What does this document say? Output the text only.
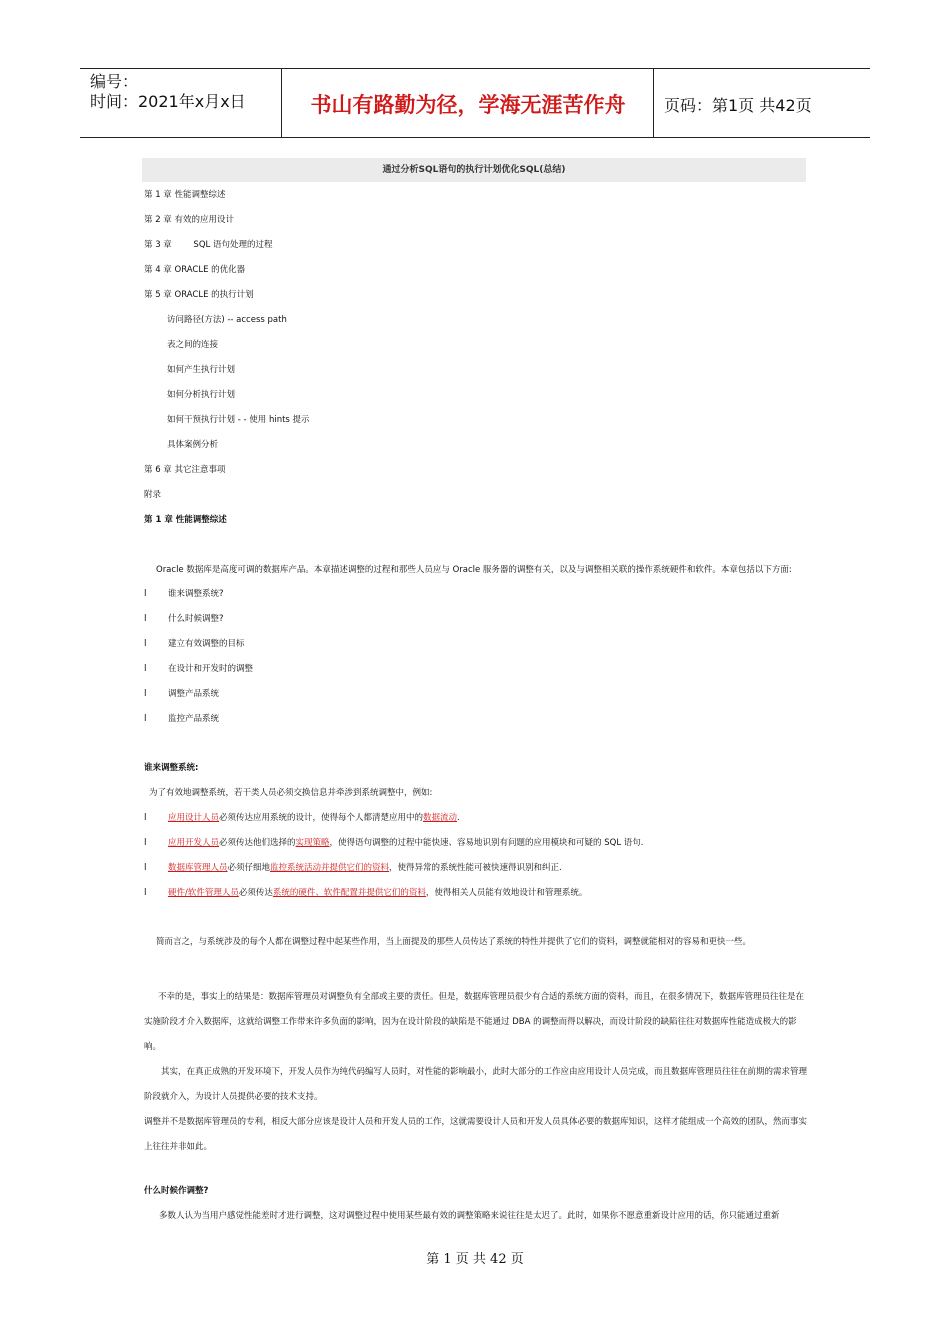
编号：
时间：2021年x月x日	书山有路勤为径，学海无涯苦作舟	页码：第1页 共42页
通过分析SQL语句的执行计划优化SQL(总结)
第 1 章 性能调整综述
第 2 章 有效的应用设计
第 3 章        SQL 语句处理的过程
第 4 章 ORACLE 的优化器
第 5 章 ORACLE 的执行计划
访问路径(方法) -- access path
表之间的连接
如何产生执行计划
如何分析执行计划
如何干预执行计划 - - 使用 hints 提示
具体案例分析
第 6 章 其它注意事项
附录
第 1 章 性能调整综述
Oracle 数据库是高度可调的数据库产品。本章描述调整的过程和那些人员应与 Oracle 服务器的调整有关，以及与调整相关联的操作系统硬件和软件。本章包括以下方面:
l	谁来调整系统?
l	什么时候调整?
l	建立有效调整的目标
l	在设计和开发时的调整
l	调整产品系统
l	监控产品系统
谁来调整系统:
为了有效地调整系统，若干类人员必须交换信息并牵涉到系统调整中，例如:
l	应用设计人员必须传达应用系统的设计，使得每个人都清楚应用中的数据流动.
l	应用开发人员必须传达他们选择的实现策略，使得语句调整的过程中能快速、容易地识别有问题的应用模块和可疑的 SQL 语句.
l	数据库管理人员必须仔细地监控系统活动并提供它们的资料，使得异常的系统性能可被快速得识别和纠正.
l	硬件/软件管理人员必须传达系统的硬件、软件配置并提供它们的资料，使得相关人员能有效地设计和管理系统。
简而言之，与系统涉及的每个人都在调整过程中起某些作用，当上面提及的那些人员传达了系统的特性并提供了它们的资料，调整就能相对的容易和更快一些。
不幸的是，事实上的结果是：数据库管理员对调整负有全部或主要的责任。但是，数据库管理员很少有合适的系统方面的资料，而且，在很多情况下，数据库管理员往往是在实施阶段才介入数据库，这就给调整工作带来许多负面的影响，因为在设计阶段的缺陷是不能通过 DBA 的调整而得以解决，而设计阶段的缺陷往往对数据库性能造成极大的影响。
其实，在真正成熟的开发环境下，开发人员作为纯代码编写人员时，对性能的影响最小，此时大部分的工作应由应用设计人员完成，而且数据库管理员往往在前期的需求管理阶段就介入，为设计人员提供必要的技术支持。
调整并不是数据库管理员的专利，相反大部分应该是设计人员和开发人员的工作，这就需要设计人员和开发人员具体必要的数据库知识，这样才能组成一个高效的团队，然而事实上往往并非如此。
什么时候作调整?
多数人认为当用户感觉性能差时才进行调整，这对调整过程中使用某些最有效的调整策略来说往往是太迟了。此时，如果你不愿意重新设计应用的话，你只能通过重新
第 1 页 共 42 页
